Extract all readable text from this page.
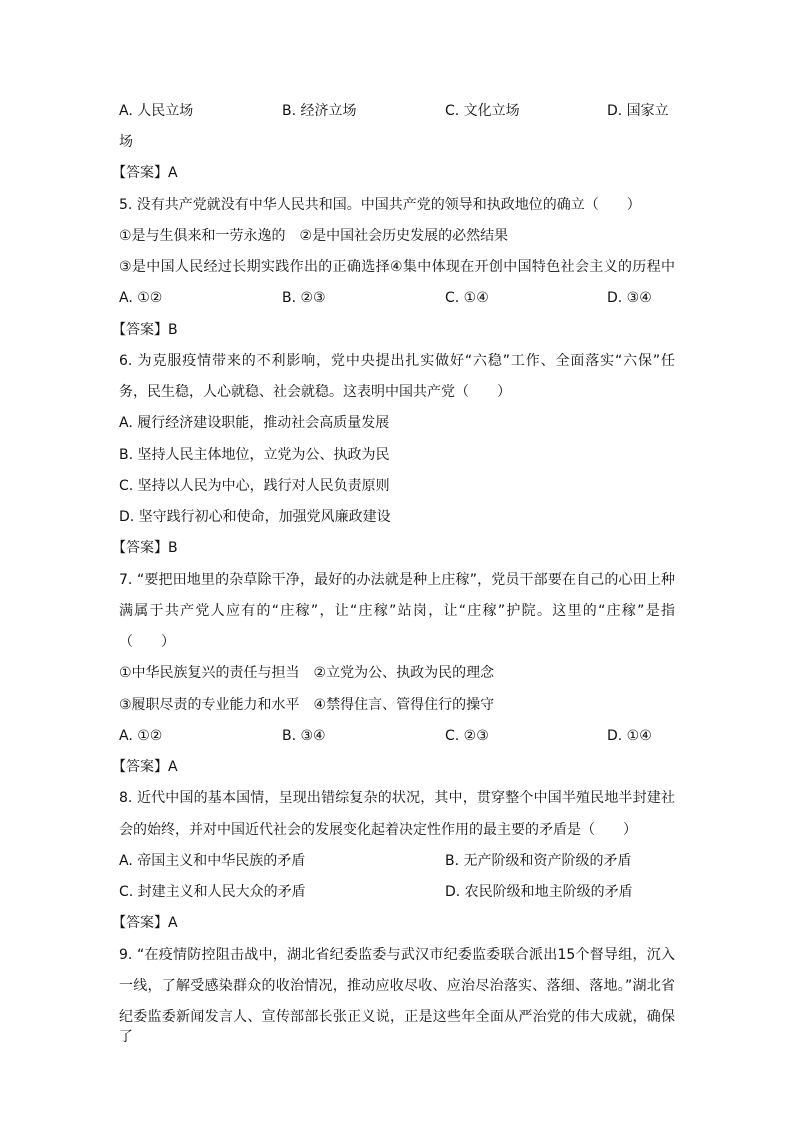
A. 人民立场	B. 经济立场	C. 文化立场	D. 国家立
场
【答案】A
5. 没有共产党就没有中华人民共和国。中国共产党的领导和执政地位的确立（　　）
①是与生俱来和一劳永逸的　②是中国社会历史发展的必然结果
③是中国人民经过长期实践作出的正确选择④集中体现在开创中国特色社会主义的历程中
A. ①②	B. ②③	C. ①④	D. ③④
【答案】B
6. 为克服疫情带来的不利影响，党中央提出扎实做好“六稳”工作、全面落实“六保”任
务，民生稳，人心就稳、社会就稳。这表明中国共产党（　　）
A. 履行经济建设职能，推动社会高质量发展
B. 坚持人民主体地位，立党为公、执政为民
C. 坚持以人民为中心，践行对人民负责原则
D. 坚守践行初心和使命，加强党风廉政建设
【答案】B
7. “要把田地里的杂草除干净，最好的办法就是种上庄稼”，党员干部要在自己的心田上种
满属于共产党人应有的“庄稼”，让“庄稼”站岗，让“庄稼”护院。这里的“庄稼”是指
（　　）
①中华民族复兴的责任与担当　②立党为公、执政为民的理念
③履职尽责的专业能力和水平　④禁得住言、管得住行的操守
A. ①②	B. ③④	C. ②③	D. ①④
【答案】A
8. 近代中国的基本国情，呈现出错综复杂的状况，其中，贯穿整个中国半殖民地半封建社
会的始终，并对中国近代社会的发展变化起着决定性作用的最主要的矛盾是（　　）
A. 帝国主义和中华民族的矛盾	B. 无产阶级和资产阶级的矛盾
C. 封建主义和人民大众的矛盾	D. 农民阶级和地主阶级的矛盾
【答案】A
9. “在疫情防控阻击战中，湖北省纪委监委与武汉市纪委监委联合派出15个督导组，沉入
一线，了解受感染群众的收治情况，推动应收尽收、应治尽治落实、落细、落地。”湖北省
纪委监委新闻发言人、宣传部部长张正义说，正是这些年全面从严治党的伟大成就，确保了
